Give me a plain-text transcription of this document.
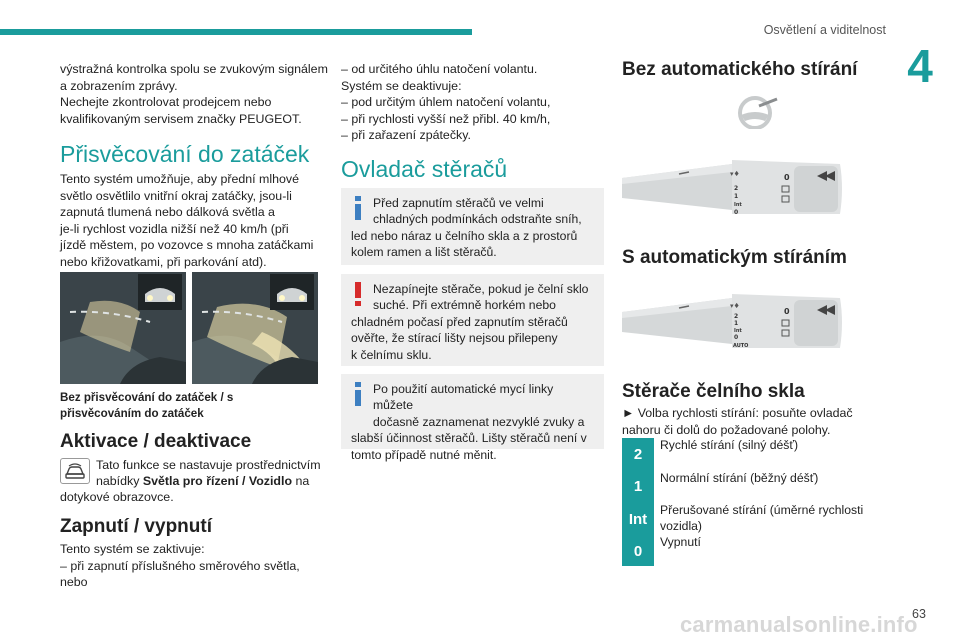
Osvětlení a viditelnost
4
výstražná kontrolka spolu se zvukovým signálem
a zobrazením zprávy.
Nechejte zkontrolovat prodejcem nebo
kvalifikovaným servisem značky PEUGEOT.
Přisvěcování do zatáček
Tento systém umožňuje, aby přední mlhové
světlo osvětlilo vnitřní okraj zatáčky, jsou-li
zapnutá tlumená nebo dálková světla a
je-li rychlost vozidla nižší než 40 km/h (při
jízdě městem, po vozovce s mnoha zatáčkami
nebo křižovatkami, při parkování atd).
Bez přisvěcování do zatáček / s
přisvěcováním do zatáček
Aktivace / deaktivace
Tato funkce se nastavuje prostřednictvím
nabídky Světla pro řízení / Vozidlo na
dotykové obrazovce.
Zapnutí / vypnutí
Tento systém se zaktivuje:
– při zapnutí příslušného směrového světla,
nebo
– od určitého úhlu natočení volantu.
Systém se deaktivuje:
– pod určitým úhlem natočení volantu,
– při rychlosti vyšší než přibl. 40 km/h,
– při zařazení zpátečky.
Ovladač stěračů
Před zapnutím stěračů ve velmi
chladných podmínkách odstraňte sníh,
led nebo náraz u čelního skla a z prostorů
kolem ramen a lišt stěračů.
Nezapínejte stěrače, pokud je čelní sklo
suché. Při extrémně horkém nebo
chladném počasí před zapnutím stěračů
ověřte, že stírací lišty nejsou přilepeny
k čelnímu sklu.
Po použití automatické mycí linky můžete
dočasně zaznamenat nezvyklé zvuky a
slabší účinnost stěračů. Lišty stěračů není v
tomto případě nutné měnit.
Bez automatického stírání
▾♦
2
1
Int
0
0
S automatickým stíráním
▾♦
2
1
Int
0
AUTO
0
Stěrače čelního skla
► Volba rychlosti stírání: posuňte ovladač
nahoru či dolů do požadované polohy.
2
Rychlé stírání (silný déšť)
1	Normální stírání (běžný déšť)
Int
Přerušované stírání (úměrné rychlosti
vozidla)
0
Vypnutí
carmanualsonline.info
63
